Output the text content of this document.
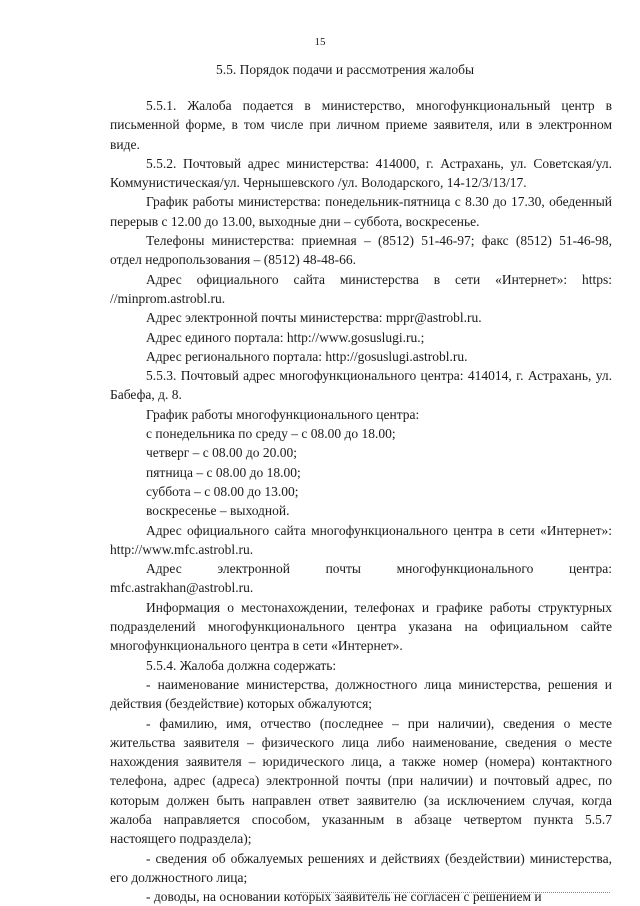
15
5.5. Порядок подачи и рассмотрения жалобы

5.5.1. Жалоба подается в министерство, многофункциональный центр в письменной форме, в том числе при личном приеме заявителя, или в электронном виде.

5.5.2. Почтовый адрес министерства: 414000, г. Астрахань, ул. Советская/ул. Коммунистическая/ул. Чернышевского /ул. Володарского, 14-12/3/13/17.

График работы министерства: понедельник-пятница с 8.30 до 17.30, обеденный перерыв с 12.00 до 13.00, выходные дни – суббота, воскресенье.

Телефоны министерства: приемная – (8512) 51-46-97; факс (8512) 51-46-98, отдел недропользования – (8512) 48-48-66.

Адрес официального сайта министерства в сети «Интернет»: https: //minprom.astrobl.ru.

Адрес электронной почты министерства: mppr@astrobl.ru.

Адрес единого портала: http://www.gosuslugi.ru.;

Адрес регионального портала: http://gosuslugi.astrobl.ru.

5.5.3. Почтовый адрес многофункционального центра: 414014, г. Астрахань, ул. Бабефа, д. 8.

График работы многофункционального центра:

с понедельника по среду – с 08.00 до 18.00;

четверг – с 08.00 до 20.00;

пятница – с 08.00 до 18.00;

суббота – с 08.00 до 13.00;

воскресенье – выходной.

Адрес официального сайта многофункционального центра в сети «Интернет»: http://www.mfc.astrobl.ru.

Адрес электронной почты многофункционального центра: mfc.astrakhan@astrobl.ru.

Информация о местонахождении, телефонах и графике работы структурных подразделений многофункционального центра указана на официальном сайте многофункционального центра в сети «Интернет».

5.5.4. Жалоба должна содержать:

- наименование министерства, должностного лица министерства, решения и действия (бездействие) которых обжалуются;

- фамилию, имя, отчество (последнее – при наличии), сведения о месте жительства заявителя – физического лица либо наименование, сведения о месте нахождения заявителя – юридического лица, а также номер (номера) контактного телефона, адрес (адреса) электронной почты (при наличии) и почтовый адрес, по которым должен быть направлен ответ заявителю (за исключением случая, когда жалоба направляется способом, указанным в абзаце четвертом пункта 5.5.7 настоящего подраздела);

- сведения об обжалуемых решениях и действиях (бездействии) министерства, его должностного лица;

- доводы, на основании которых заявитель не согласен с решением и
